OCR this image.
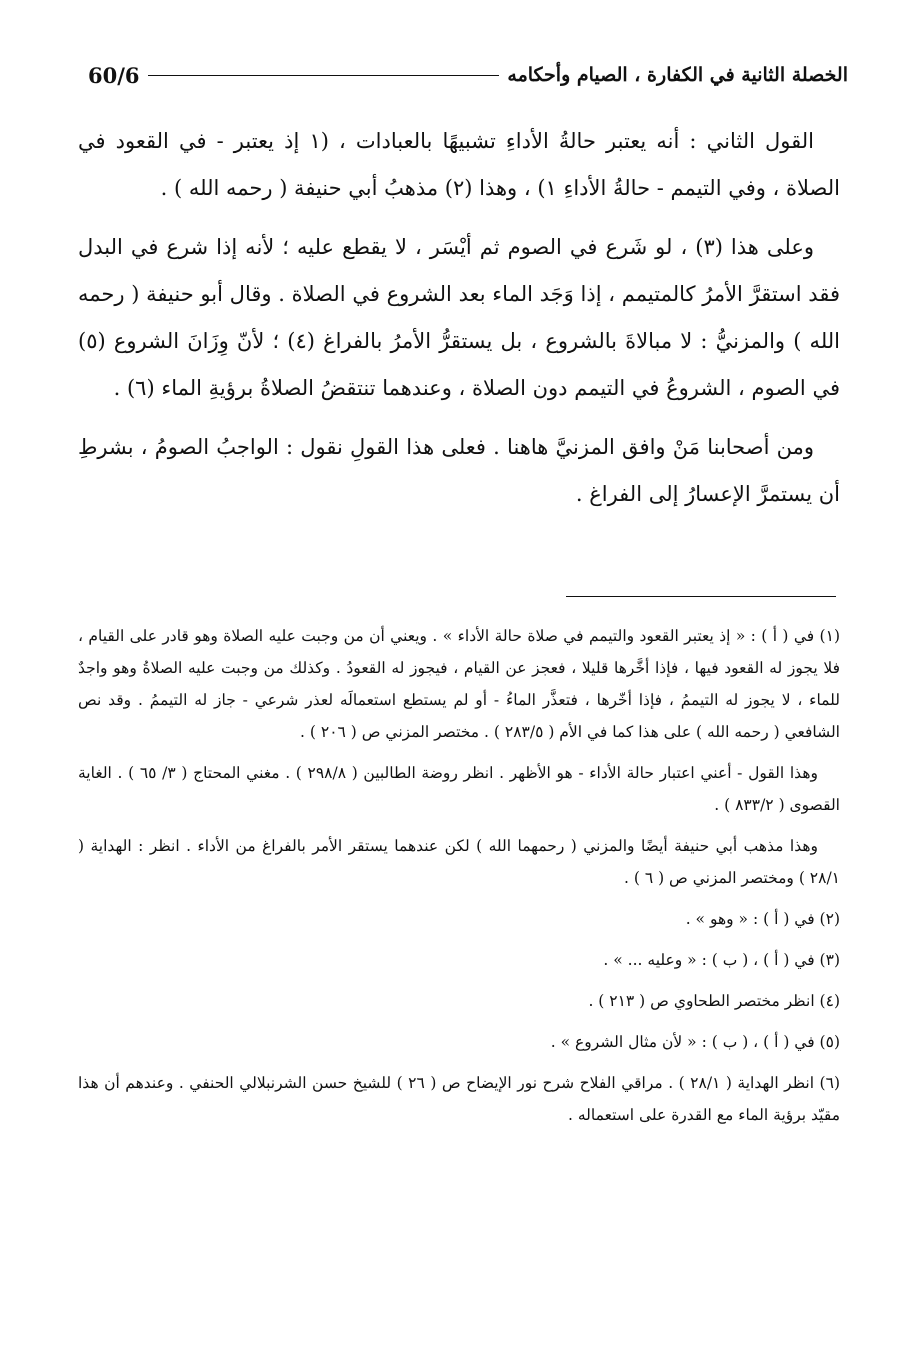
الخصلة الثانية في الكفارة ، الصيام وأحكامه
60/6

القول الثاني : أنه يعتبر حالةُ الأداءِ تشبيهًا بالعبادات ، (١ إذ يعتبر - في القعود في الصلاة ، وفي التيمم - حالةُ الأداءِ ١) ، وهذا (٢) مذهبُ أبي حنيفة ( رحمه الله ) .

وعلى هذا (٣) ، لو شَرع في الصوم ثم أيْسَر ، لا يقطع عليه ؛ لأنه إذا شرع في البدل فقد استقرَّ الأمرُ كالمتيمم ، إذا وَجَد الماء بعد الشروع في الصلاة . وقال أبو حنيفة ( رحمه الله ) والمزنيُّ : لا مبالاةَ بالشروع ، بل يستقرُّ الأمرُ بالفراغ (٤) ؛ لأنّ وِزَانَ الشروع (٥) في الصوم ، الشروعُ في التيمم دون الصلاة ، وعندهما تنتقضُ الصلاةُ برؤيةِ الماء (٦) .

ومن أصحابنا مَنْ وافق المزنيَّ هاهنا . فعلى هذا القولِ نقول : الواجبُ الصومُ ، بشرطِ أن يستمرَّ الإعسارُ إلى الفراغ .

(١) في ( أ ) : « إذ يعتبر القعود والتيمم في صلاة حالة الأداء » . ويعني أن من وجبت عليه الصلاة وهو قادر على القيام ، فلا يجوز له القعود فيها ، فإذا أخَّرها قليلا ، فعجز عن القيام ، فيجوز له القعودُ . وكذلك من وجبت عليه الصلاةُ وهو واجدٌ للماء ، لا يجوز له التيممُ ، فإذا أخّرها ، فتعذَّر الماءُ - أو لم يستطع استعمالَه لعذر شرعي - جاز له التيممُ . وقد نص الشافعي ( رحمه الله ) على هذا كما في الأم ( ٢٨٣/٥ ) . مختصر المزني ص ( ٢٠٦ ) .

وهذا القول - أعني اعتبار حالة الأداء - هو الأظهر . انظر روضة الطالبين ( ٢٩٨/٨ ) . مغني المحتاج ( ٣/ ٦٥ ) . الغاية القصوى ( ٨٣٣/٢ ) .

وهذا مذهب أبي حنيفة أيضًا والمزني ( رحمهما الله ) لكن عندهما يستقر الأمر بالفراغ من الأداء . انظر : الهداية ( ٢٨/١ ) ومختصر المزني ص ( ٦ ) .

(٢) في ( أ ) : « وهو » .

(٣) في ( أ ) ، ( ب ) : « وعليه ... » .

(٤) انظر مختصر الطحاوي ص ( ٢١٣ ) .

(٥) في ( أ ) ، ( ب ) : « لأن مثال الشروع » .

(٦) انظر الهداية ( ٢٨/١ ) . مراقي الفلاح شرح نور الإيضاح ص ( ٢٦ ) للشيخ حسن الشرنبلالي الحنفي . وعندهم أن هذا مقيّد برؤية الماء مع القدرة على استعماله .
